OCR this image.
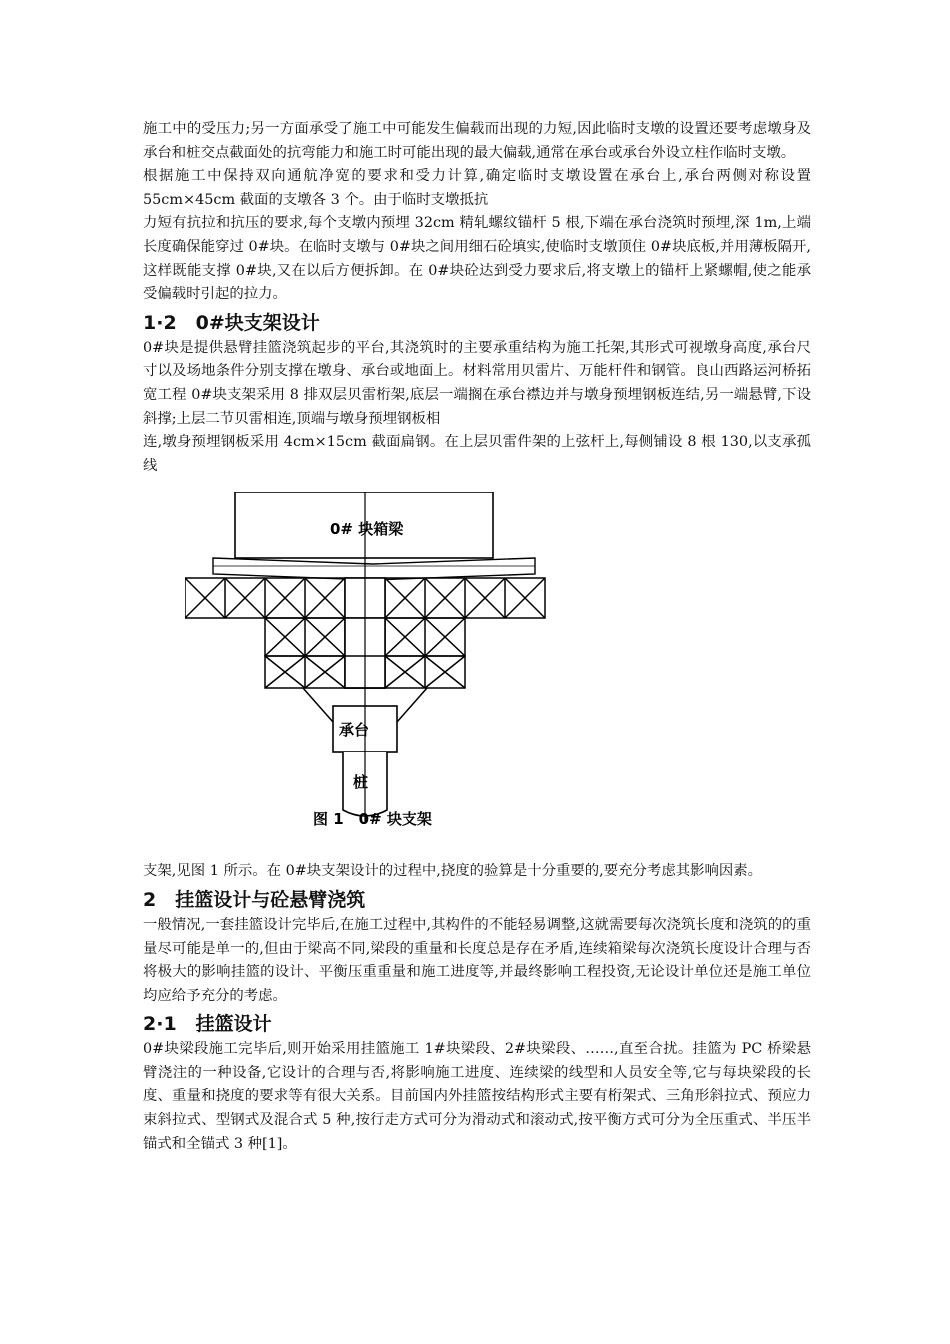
施工中的受压力;另一方面承受了施工中可能发生偏载而出现的力短,因此临时支墩的设置还要考虑墩身及承台和桩交点截面处的抗弯能力和施工时可能出现的最大偏载,通常在承台或承台外设立柱作临时支墩。

根据施工中保持双向通航净宽的要求和受力计算,确定临时支墩设置在承台上,承台两侧对称设置 55cm×45cm 截面的支墩各 3 个。由于临时支墩抵抗

力短有抗拉和抗压的要求,每个支墩内预埋 32cm 精轧螺纹锚杆 5 根,下端在承台浇筑时预埋,深 1m,上端长度确保能穿过 0#块。在临时支墩与 0#块之间用细石砼填实,使临时支墩顶住 0#块底板,并用薄板隔开,这样既能支撑 0#块,又在以后方便拆卸。在 0#块砼达到受力要求后,将支墩上的锚杆上紧螺帽,使之能承受偏载时引起的拉力。

1·2　0#块支架设计

0#块是提供悬臂挂篮浇筑起步的平台,其浇筑时的主要承重结构为施工托架,其形式可视墩身高度,承台尺寸以及场地条件分别支撑在墩身、承台或地面上。材料常用贝雷片、万能杆件和钢管。良山西路运河桥拓宽工程 0#块支架采用 8 排双层贝雷桁架,底层一端搁在承台襟边并与墩身预埋钢板连结,另一端悬臂,下设斜撑;上层二节贝雷相连,顶端与墩身预埋钢板相

连,墩身预埋钢板采用 4cm×15cm 截面扁钢。在上层贝雷件架的上弦杆上,每侧铺设 8 根 130,以支承孤线

0# 块箱梁
承台
桩
图 1　0# 块支架

支架,见图 1 所示。在 0#块支架设计的过程中,挠度的验算是十分重要的,要充分考虑其影响因素。

2　挂篮设计与砼悬臂浇筑

一般情况,一套挂篮设计完毕后,在施工过程中,其构件的不能轻易调整,这就需要每次浇筑长度和浇筑的的重量尽可能是单一的,但由于梁高不同,梁段的重量和长度总是存在矛盾,连续箱梁每次浇筑长度设计合理与否将极大的影响挂篮的设计、平衡压重重量和施工进度等,并最终影响工程投资,无论设计单位还是施工单位均应给予充分的考虑。

2·1　挂篮设计

0#块梁段施工完毕后,则开始采用挂篮施工 1#块梁段、2#块梁段、……,直至合扰。挂篮为 PC 桥梁悬臂浇注的一种设备,它设计的合理与否,将影响施工进度、连续梁的线型和人员安全等,它与每块梁段的长度、重量和挠度的要求等有很大关系。目前国内外挂篮按结构形式主要有桁架式、三角形斜拉式、预应力束斜拉式、型钢式及混合式 5 种,按行走方式可分为滑动式和滚动式,按平衡方式可分为全压重式、半压半锚式和全锚式 3 种[1]。
